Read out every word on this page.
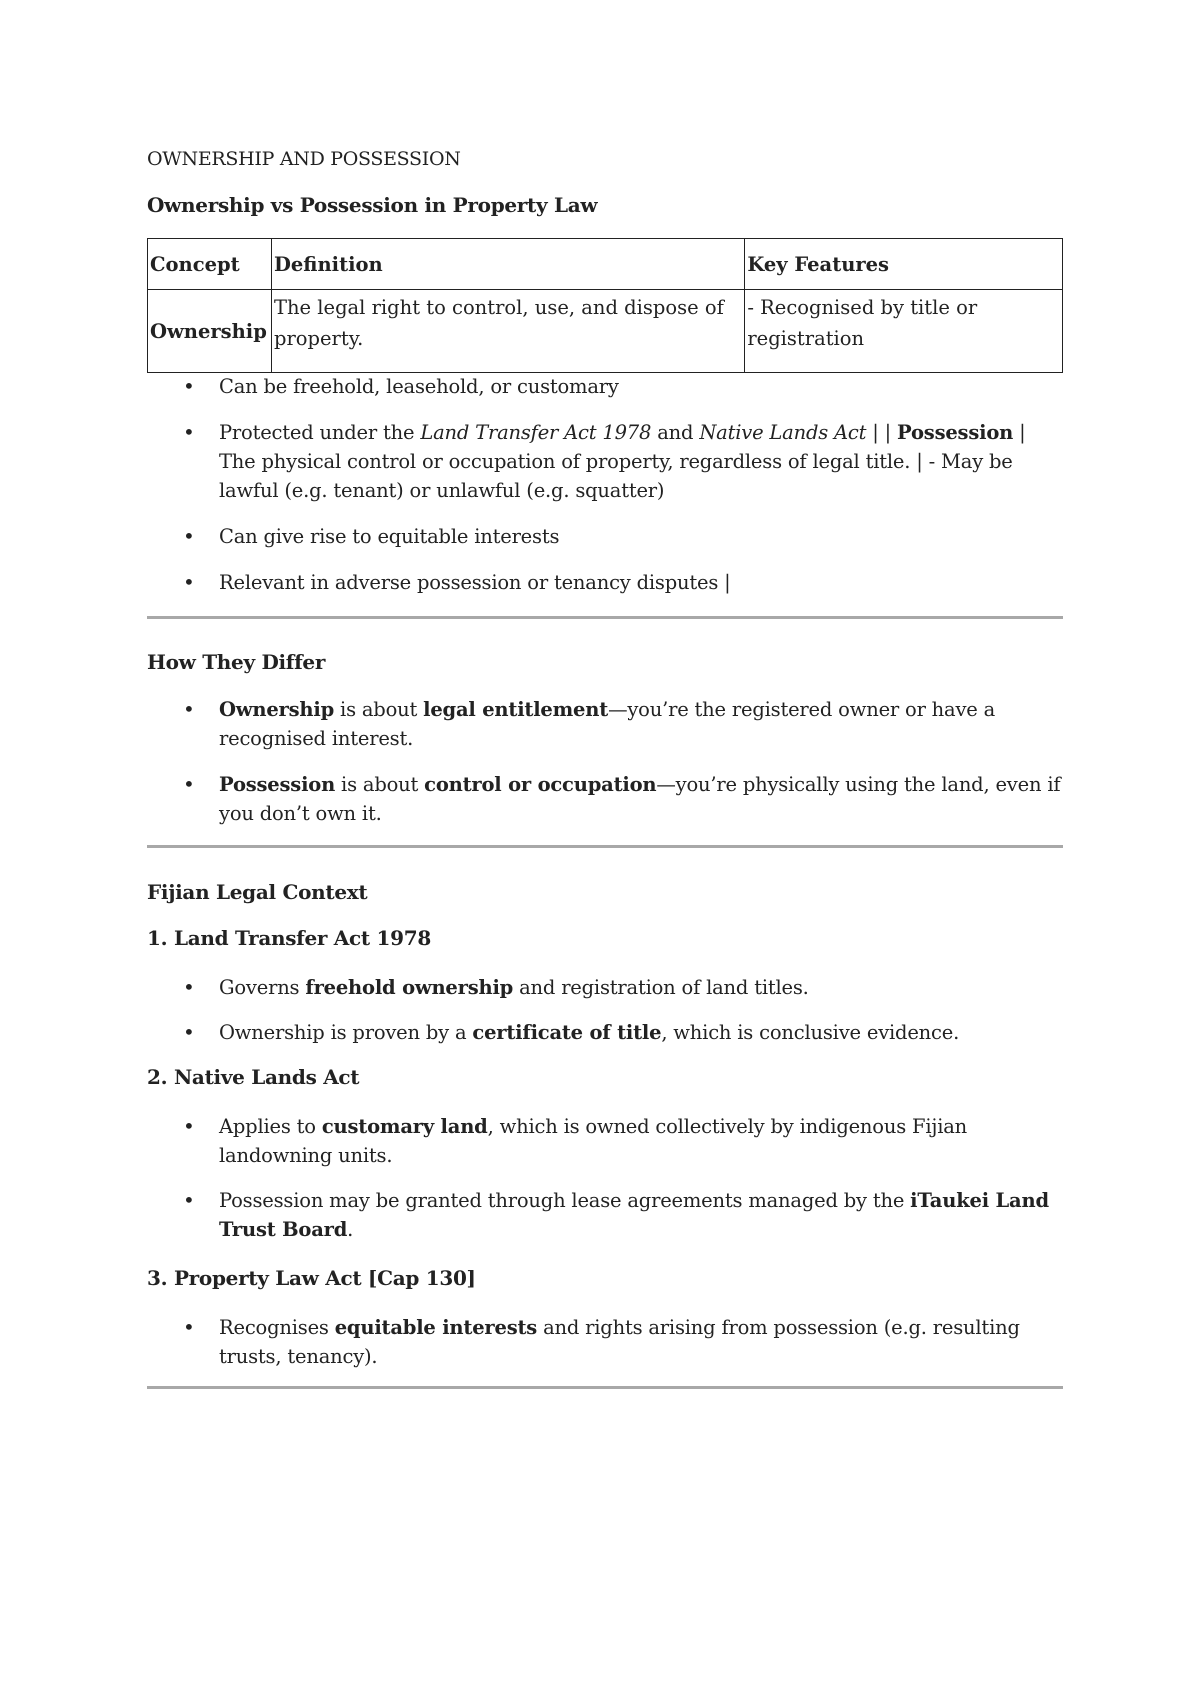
OWNERSHIP AND POSSESSION
Ownership vs Possession in Property Law
Concept	Definition	Key Features
Ownership	The legal right to control, use, and dispose of property.	- Recognised by title or registration
• Can be freehold, leasehold, or customary
• Protected under the Land Transfer Act 1978 and Native Lands Act | | Possession | The physical control or occupation of property, regardless of legal title. | - May be lawful (e.g. tenant) or unlawful (e.g. squatter)
• Can give rise to equitable interests
• Relevant in adverse possession or tenancy disputes |
How They Differ
• Ownership is about legal entitlement—you’re the registered owner or have a recognised interest.
• Possession is about control or occupation—you’re physically using the land, even if you don’t own it.
Fijian Legal Context
1. Land Transfer Act 1978
• Governs freehold ownership and registration of land titles.
• Ownership is proven by a certificate of title, which is conclusive evidence.
2. Native Lands Act
• Applies to customary land, which is owned collectively by indigenous Fijian landowning units.
• Possession may be granted through lease agreements managed by the iTaukei Land Trust Board.
3. Property Law Act [Cap 130]
• Recognises equitable interests and rights arising from possession (e.g. resulting trusts, tenancy).
